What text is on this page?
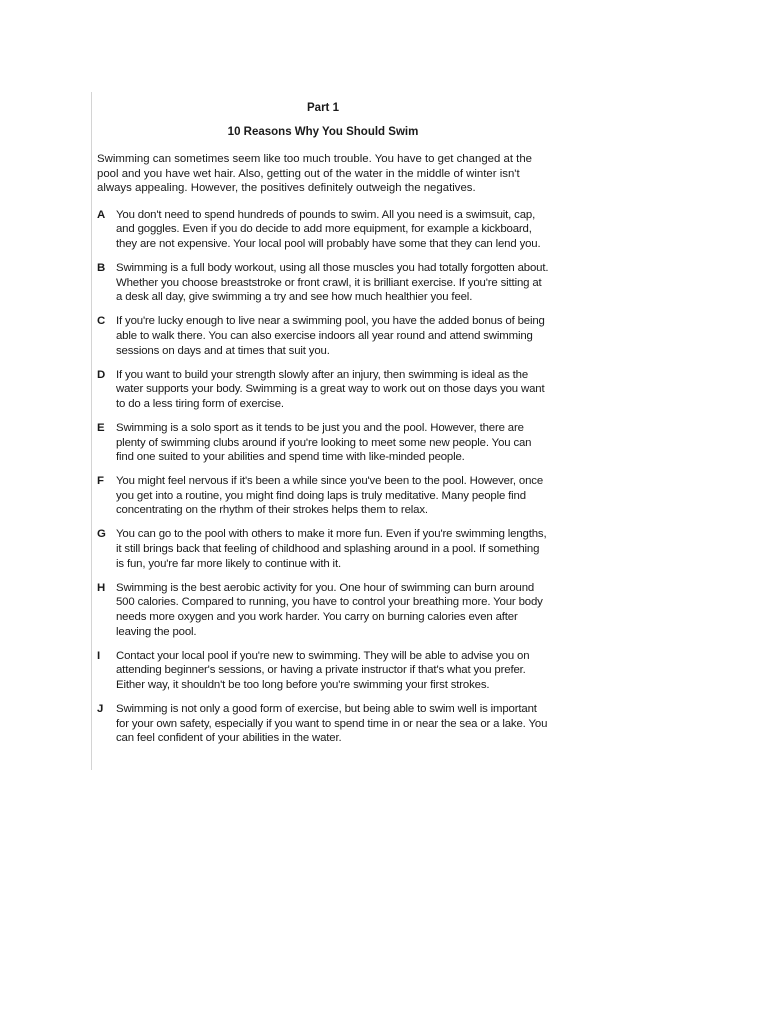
Part 1
10 Reasons Why You Should Swim

Swimming can sometimes seem like too much trouble. You have to get changed at the pool and you have wet hair. Also, getting out of the water in the middle of winter isn't always appealing. However, the positives definitely outweigh the negatives.

A You don't need to spend hundreds of pounds to swim. All you need is a swimsuit, cap, and goggles. Even if you do decide to add more equipment, for example a kickboard, they are not expensive. Your local pool will probably have some that they can lend you.
B Swimming is a full body workout, using all those muscles you had totally forgotten about. Whether you choose breaststroke or front crawl, it is brilliant exercise. If you're sitting at a desk all day, give swimming a try and see how much healthier you feel.
C If you're lucky enough to live near a swimming pool, you have the added bonus of being able to walk there. You can also exercise indoors all year round and attend swimming sessions on days and at times that suit you.
D If you want to build your strength slowly after an injury, then swimming is ideal as the water supports your body. Swimming is a great way to work out on those days you want to do a less tiring form of exercise.
E Swimming is a solo sport as it tends to be just you and the pool. However, there are plenty of swimming clubs around if you're looking to meet some new people. You can find one suited to your abilities and spend time with like-minded people.
F	You might feel nervous if it's been a while since you've been to the pool. However, once you get into a routine, you might find doing laps is truly meditative. Many people find concentrating on the rhythm of their strokes helps them to relax.
G You can go to the pool with others to make it more fun. Even if you're swimming lengths, it still brings back that feeling of childhood and splashing around in a pool. If something is fun, you're far more likely to continue with it.
H Swimming is the best aerobic activity for you. One hour of swimming can burn around 500 calories. Compared to running, you have to control your breathing more. Your body needs more oxygen and you work harder. You carry on burning calories even after leaving the pool.
I	Contact your local pool if you're new to swimming. They will be able to advise you on attending beginner's sessions, or having a private instructor if that's what you prefer. Either way, it shouldn't be too long before you're swimming your first strokes.
J	Swimming is not only a good form of exercise, but being able to swim well is important for your own safety, especially if you want to spend time in or near the sea or a lake. You can feel confident of your abilities in the water.
